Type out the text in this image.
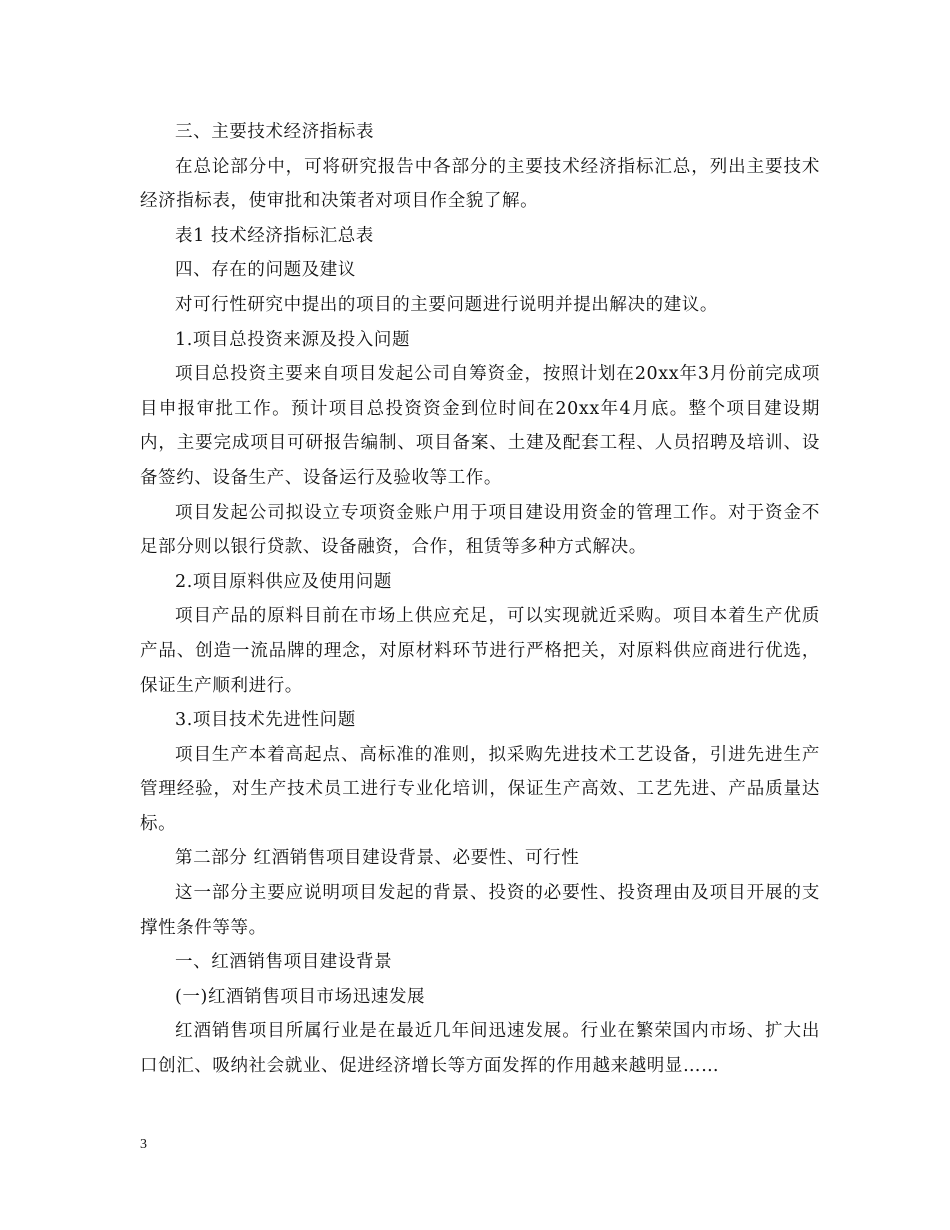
三、主要技术经济指标表

在总论部分中，可将研究报告中各部分的主要技术经济指标汇总，列出主要技术经济指标表，使审批和决策者对项目作全貌了解。

表1 技术经济指标汇总表

四、存在的问题及建议

对可行性研究中提出的项目的主要问题进行说明并提出解决的建议。

1.项目总投资来源及投入问题

项目总投资主要来自项目发起公司自筹资金，按照计划在20xx年3月份前完成项目申报审批工作。预计项目总投资资金到位时间在20xx年4月底。整个项目建设期内，主要完成项目可研报告编制、项目备案、土建及配套工程、人员招聘及培训、设备签约、设备生产、设备运行及验收等工作。

项目发起公司拟设立专项资金账户用于项目建设用资金的管理工作。对于资金不足部分则以银行贷款、设备融资，合作，租赁等多种方式解决。

2.项目原料供应及使用问题

项目产品的原料目前在市场上供应充足，可以实现就近采购。项目本着生产优质产品、创造一流品牌的理念，对原材料环节进行严格把关，对原料供应商进行优选，保证生产顺利进行。

3.项目技术先进性问题

项目生产本着高起点、高标准的准则，拟采购先进技术工艺设备，引进先进生产管理经验，对生产技术员工进行专业化培训，保证生产高效、工艺先进、产品质量达标。

第二部分 红酒销售项目建设背景、必要性、可行性

这一部分主要应说明项目发起的背景、投资的必要性、投资理由及项目开展的支撑性条件等等。

一、红酒销售项目建设背景

(一)红酒销售项目市场迅速发展

红酒销售项目所属行业是在最近几年间迅速发展。行业在繁荣国内市场、扩大出口创汇、吸纳社会就业、促进经济增长等方面发挥的作用越来越明显……

3
